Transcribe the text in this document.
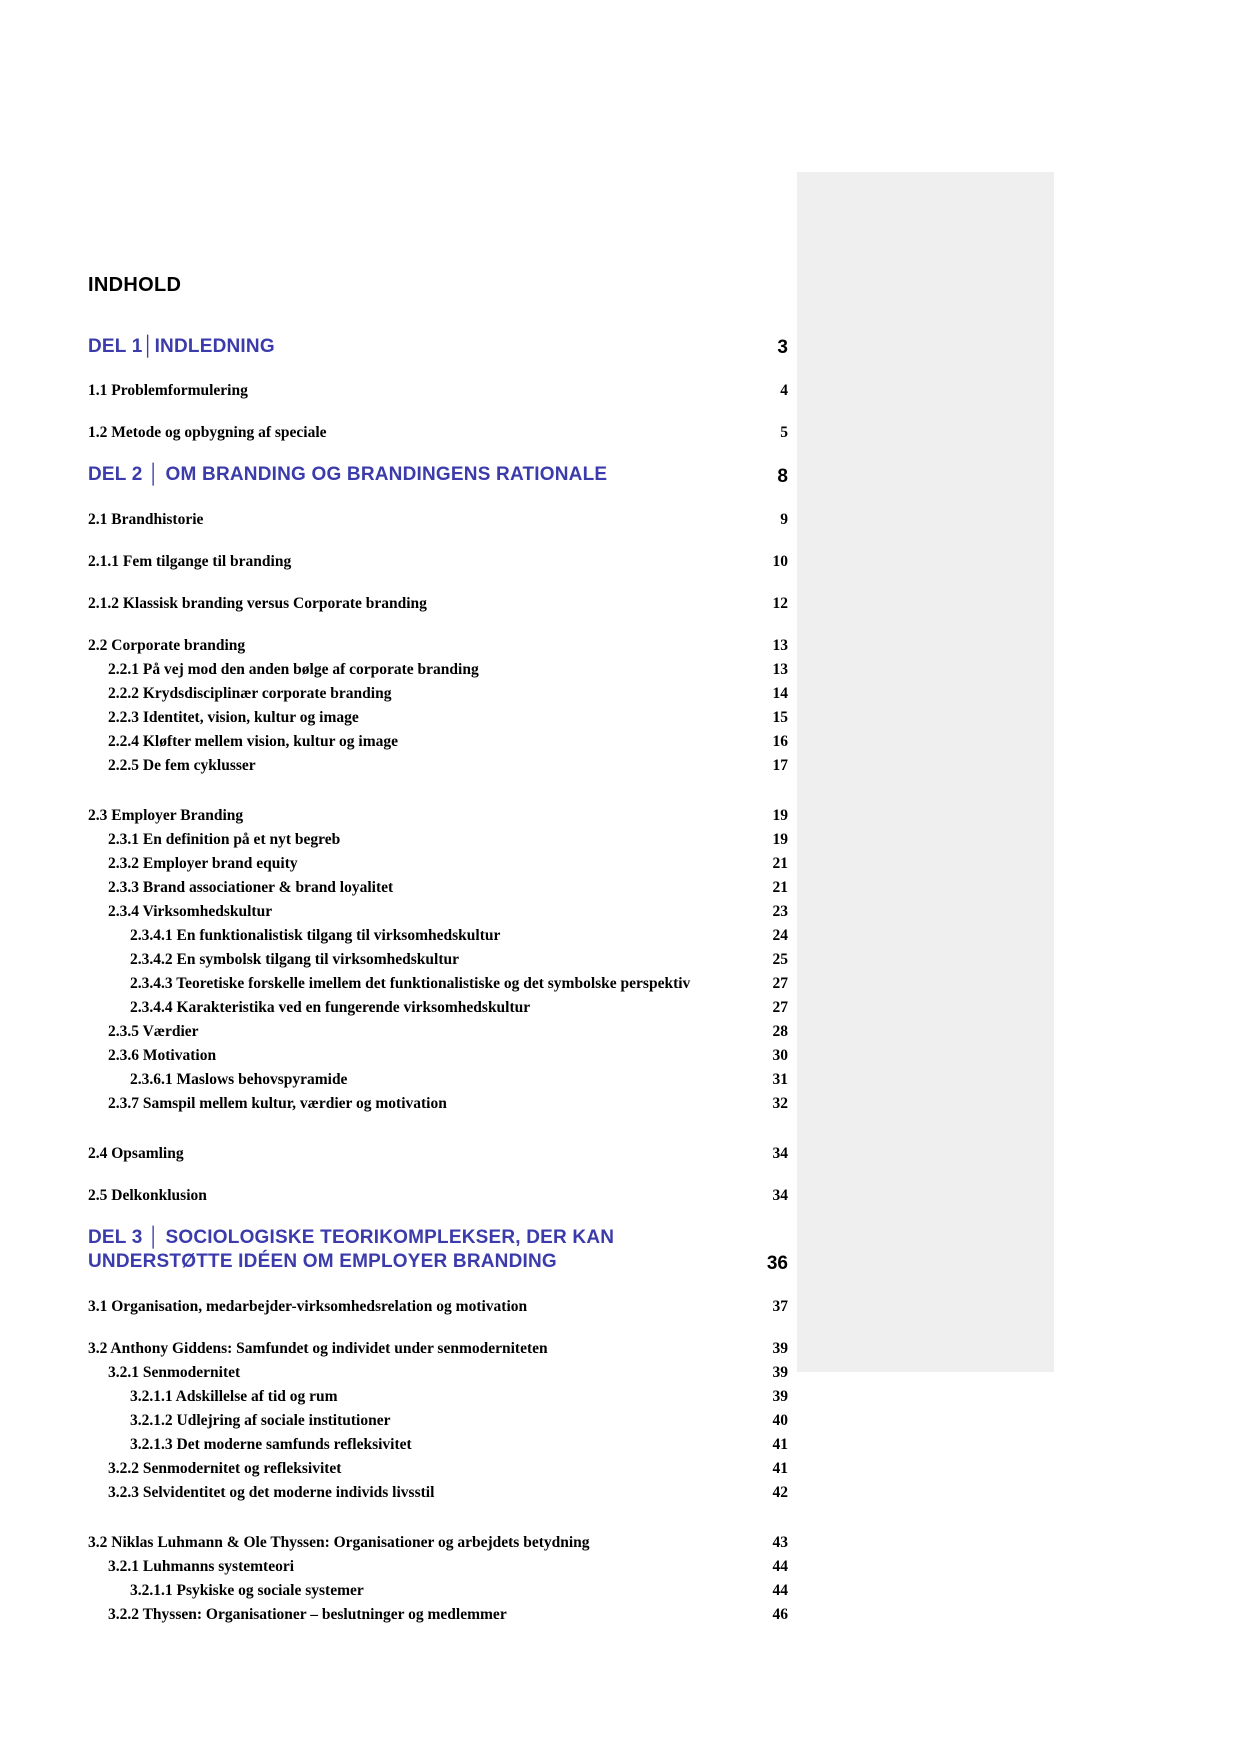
INDHOLD
DEL 1│INDLEDNING	3
1.1 Problemformulering	4
1.2 Metode og opbygning af speciale	5
DEL 2 │ OM BRANDING OG BRANDINGENS RATIONALE	8
2.1 Brandhistorie	9
2.1.1 Fem tilgange til branding	10
2.1.2 Klassisk branding versus Corporate branding	12
2.2 Corporate branding	13
2.2.1 På vej mod den anden bølge af corporate branding	13
2.2.2 Krydsdisciplinær corporate branding	14
2.2.3 Identitet, vision, kultur og image	15
2.2.4 Kløfter mellem vision, kultur og image	16
2.2.5 De fem cyklusser	17
2.3 Employer Branding	19
2.3.1 En definition på et nyt begreb	19
2.3.2 Employer brand equity	21
2.3.3 Brand associationer & brand loyalitet	21
2.3.4 Virksomhedskultur	23
2.3.4.1 En funktionalistisk tilgang til virksomhedskultur	24
2.3.4.2 En symbolsk tilgang til virksomhedskultur	25
2.3.4.3 Teoretiske forskelle imellem det funktionalistiske og det symbolske perspektiv	27
2.3.4.4 Karakteristika ved en fungerende virksomhedskultur	27
2.3.5 Værdier	28
2.3.6 Motivation	30
2.3.6.1 Maslows behovspyramide	31
2.3.7 Samspil mellem kultur, værdier og motivation	32
2.4 Opsamling	34
2.5 Delkonklusion	34
DEL 3 │ SOCIOLOGISKE TEORIKOMPLEKSER, DER KAN UNDERSTØTTE IDÉEN OM EMPLOYER BRANDING	36
3.1 Organisation, medarbejder-virksomhedsrelation og motivation	37
3.2 Anthony Giddens: Samfundet og individet under senmoderniteten	39
3.2.1 Senmodernitet	39
3.2.1.1 Adskillelse af tid og rum	39
3.2.1.2 Udlejring af sociale institutioner	40
3.2.1.3 Det moderne samfunds refleksivitet	41
3.2.2 Senmodernitet og refleksivitet	41
3.2.3 Selvidentitet og det moderne individs livsstil	42
3.2 Niklas Luhmann & Ole Thyssen: Organisationer og arbejdets betydning	43
3.2.1 Luhmanns systemteori	44
3.2.1.1 Psykiske og sociale systemer	44
3.2.2 Thyssen: Organisationer – beslutninger og medlemmer	46
